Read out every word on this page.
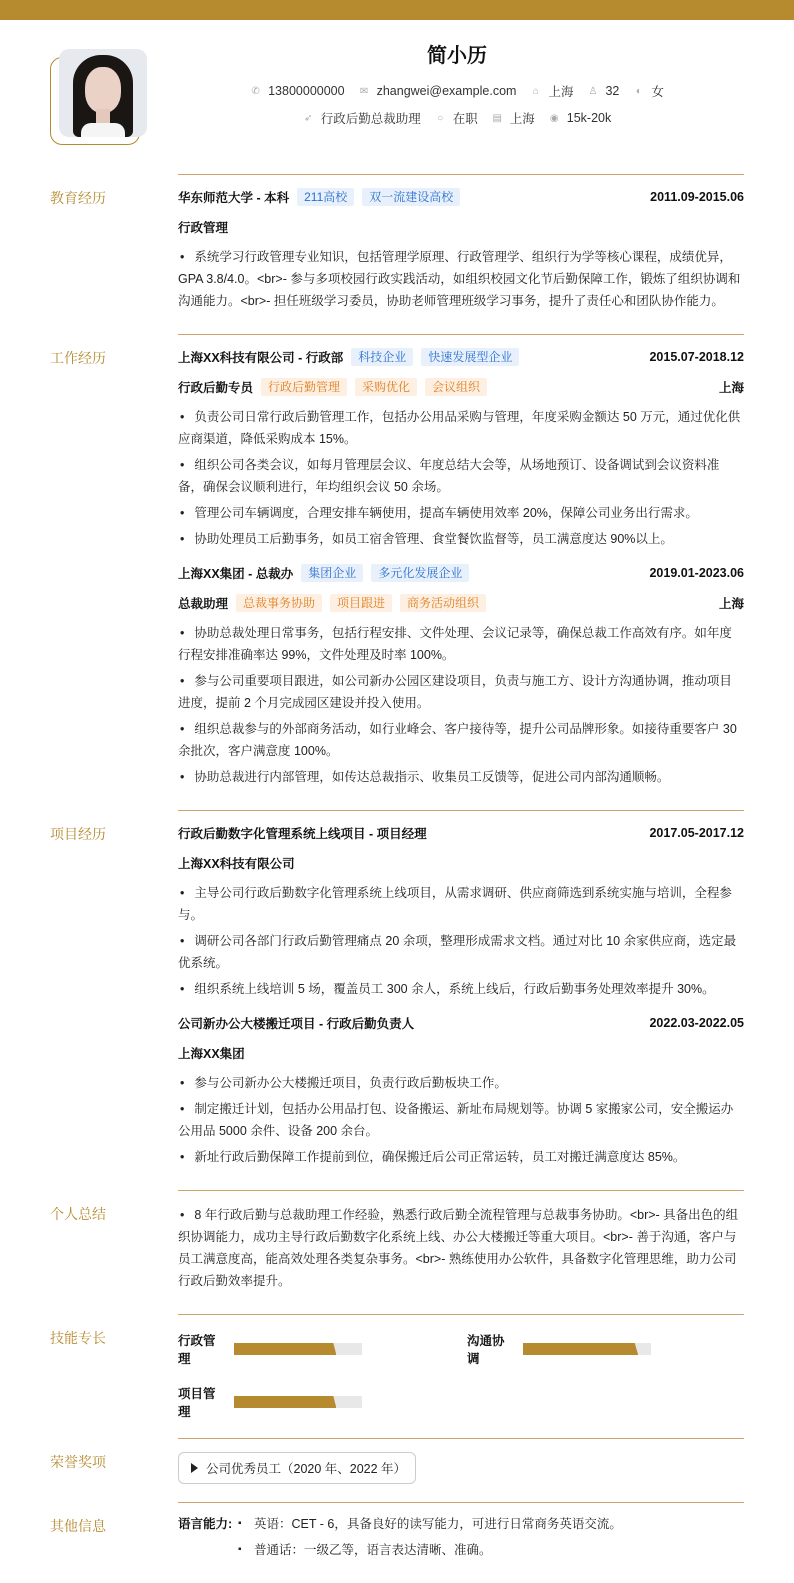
简小历
✆ 13800000000 ✉ zhangwei@example.com ⌂ 上海 ♙ 32 ◐ 女
➶ 行政后勤总裁助理 ○ 在职 ▤ 上海 ◉ 15k-20k
教育经历	华东师范大学 - 本科	211高校	双一流建设高校	2011.09-2015.06
行政管理
• 系统学习行政管理专业知识，包括管理学原理、行政管理学、组织行为学等核心课程，成绩优异，GPA 3.8/4.0。<br>- 参与多项校园行政实践活动，如组织校园文化节后勤保障工作，锻炼了组织协调和沟通能力。<br>- 担任班级学习委员，协助老师管理班级学习事务，提升了责任心和团队协作能力。
工作经历	上海XX科技有限公司 - 行政部	科技企业	快速发展型企业	2015.07-2018.12
行政后勤专员	行政后勤管理	采购优化	会议组织	上海
• 负责公司日常行政后勤管理工作，包括办公用品采购与管理，年度采购金额达 50 万元，通过优化供应商渠道，降低采购成本 15%。
• 组织公司各类会议，如每月管理层会议、年度总结大会等，从场地预订、设备调试到会议资料准备，确保会议顺利进行，年均组织会议 50 余场。
• 管理公司车辆调度，合理安排车辆使用，提高车辆使用效率 20%，保障公司业务出行需求。
• 协助处理员工后勤事务，如员工宿舍管理、食堂餐饮监督等，员工满意度达 90%以上。
上海XX集团 - 总裁办	集团企业	多元化发展企业	2019.01-2023.06
总裁助理	总裁事务协助	项目跟进	商务活动组织	上海
• 协助总裁处理日常事务，包括行程安排、文件处理、会议记录等，确保总裁工作高效有序。如年度行程安排准确率达 99%，文件处理及时率 100%。
• 参与公司重要项目跟进，如公司新办公园区建设项目，负责与施工方、设计方沟通协调，推动项目进度，提前 2 个月完成园区建设并投入使用。
• 组织总裁参与的外部商务活动，如行业峰会、客户接待等，提升公司品牌形象。如接待重要客户 30 余批次，客户满意度 100%。
• 协助总裁进行内部管理，如传达总裁指示、收集员工反馈等，促进公司内部沟通顺畅。
项目经历	行政后勤数字化管理系统上线项目 - 项目经理	2017.05-2017.12
上海XX科技有限公司
• 主导公司行政后勤数字化管理系统上线项目，从需求调研、供应商筛选到系统实施与培训，全程参与。
• 调研公司各部门行政后勤管理痛点 20 余项，整理形成需求文档。通过对比 10 余家供应商，选定最优系统。
• 组织系统上线培训 5 场，覆盖员工 300 余人，系统上线后，行政后勤事务处理效率提升 30%。
公司新办公大楼搬迁项目 - 行政后勤负责人	2022.03-2022.05
上海XX集团
• 参与公司新办公大楼搬迁项目，负责行政后勤板块工作。
• 制定搬迁计划，包括办公用品打包、设备搬运、新址布局规划等。协调 5 家搬家公司，安全搬运办公用品 5000 余件、设备 200 余台。
• 新址行政后勤保障工作提前到位，确保搬迁后公司正常运转，员工对搬迁满意度达 85%。
个人总结	• 8 年行政后勤与总裁助理工作经验，熟悉行政后勤全流程管理与总裁事务协助。<br>- 具备出色的组织协调能力，成功主导行政后勤数字化系统上线、办公大楼搬迁等重大项目。<br>- 善于沟通，客户与员工满意度高，能高效处理各类复杂事务。<br>- 熟练使用办公软件，具备数字化管理思维，助力公司行政后勤效率提升。
技能专长	行政管理
沟通协调
项目管理
荣誉奖项	公司优秀员工（2020 年、2022 年）
其他信息	语言能力:	▪ 英语：CET - 6，具备良好的读写能力，可进行日常商务英语交流。
▪ 普通话：一级乙等，语言表达清晰、准确。
